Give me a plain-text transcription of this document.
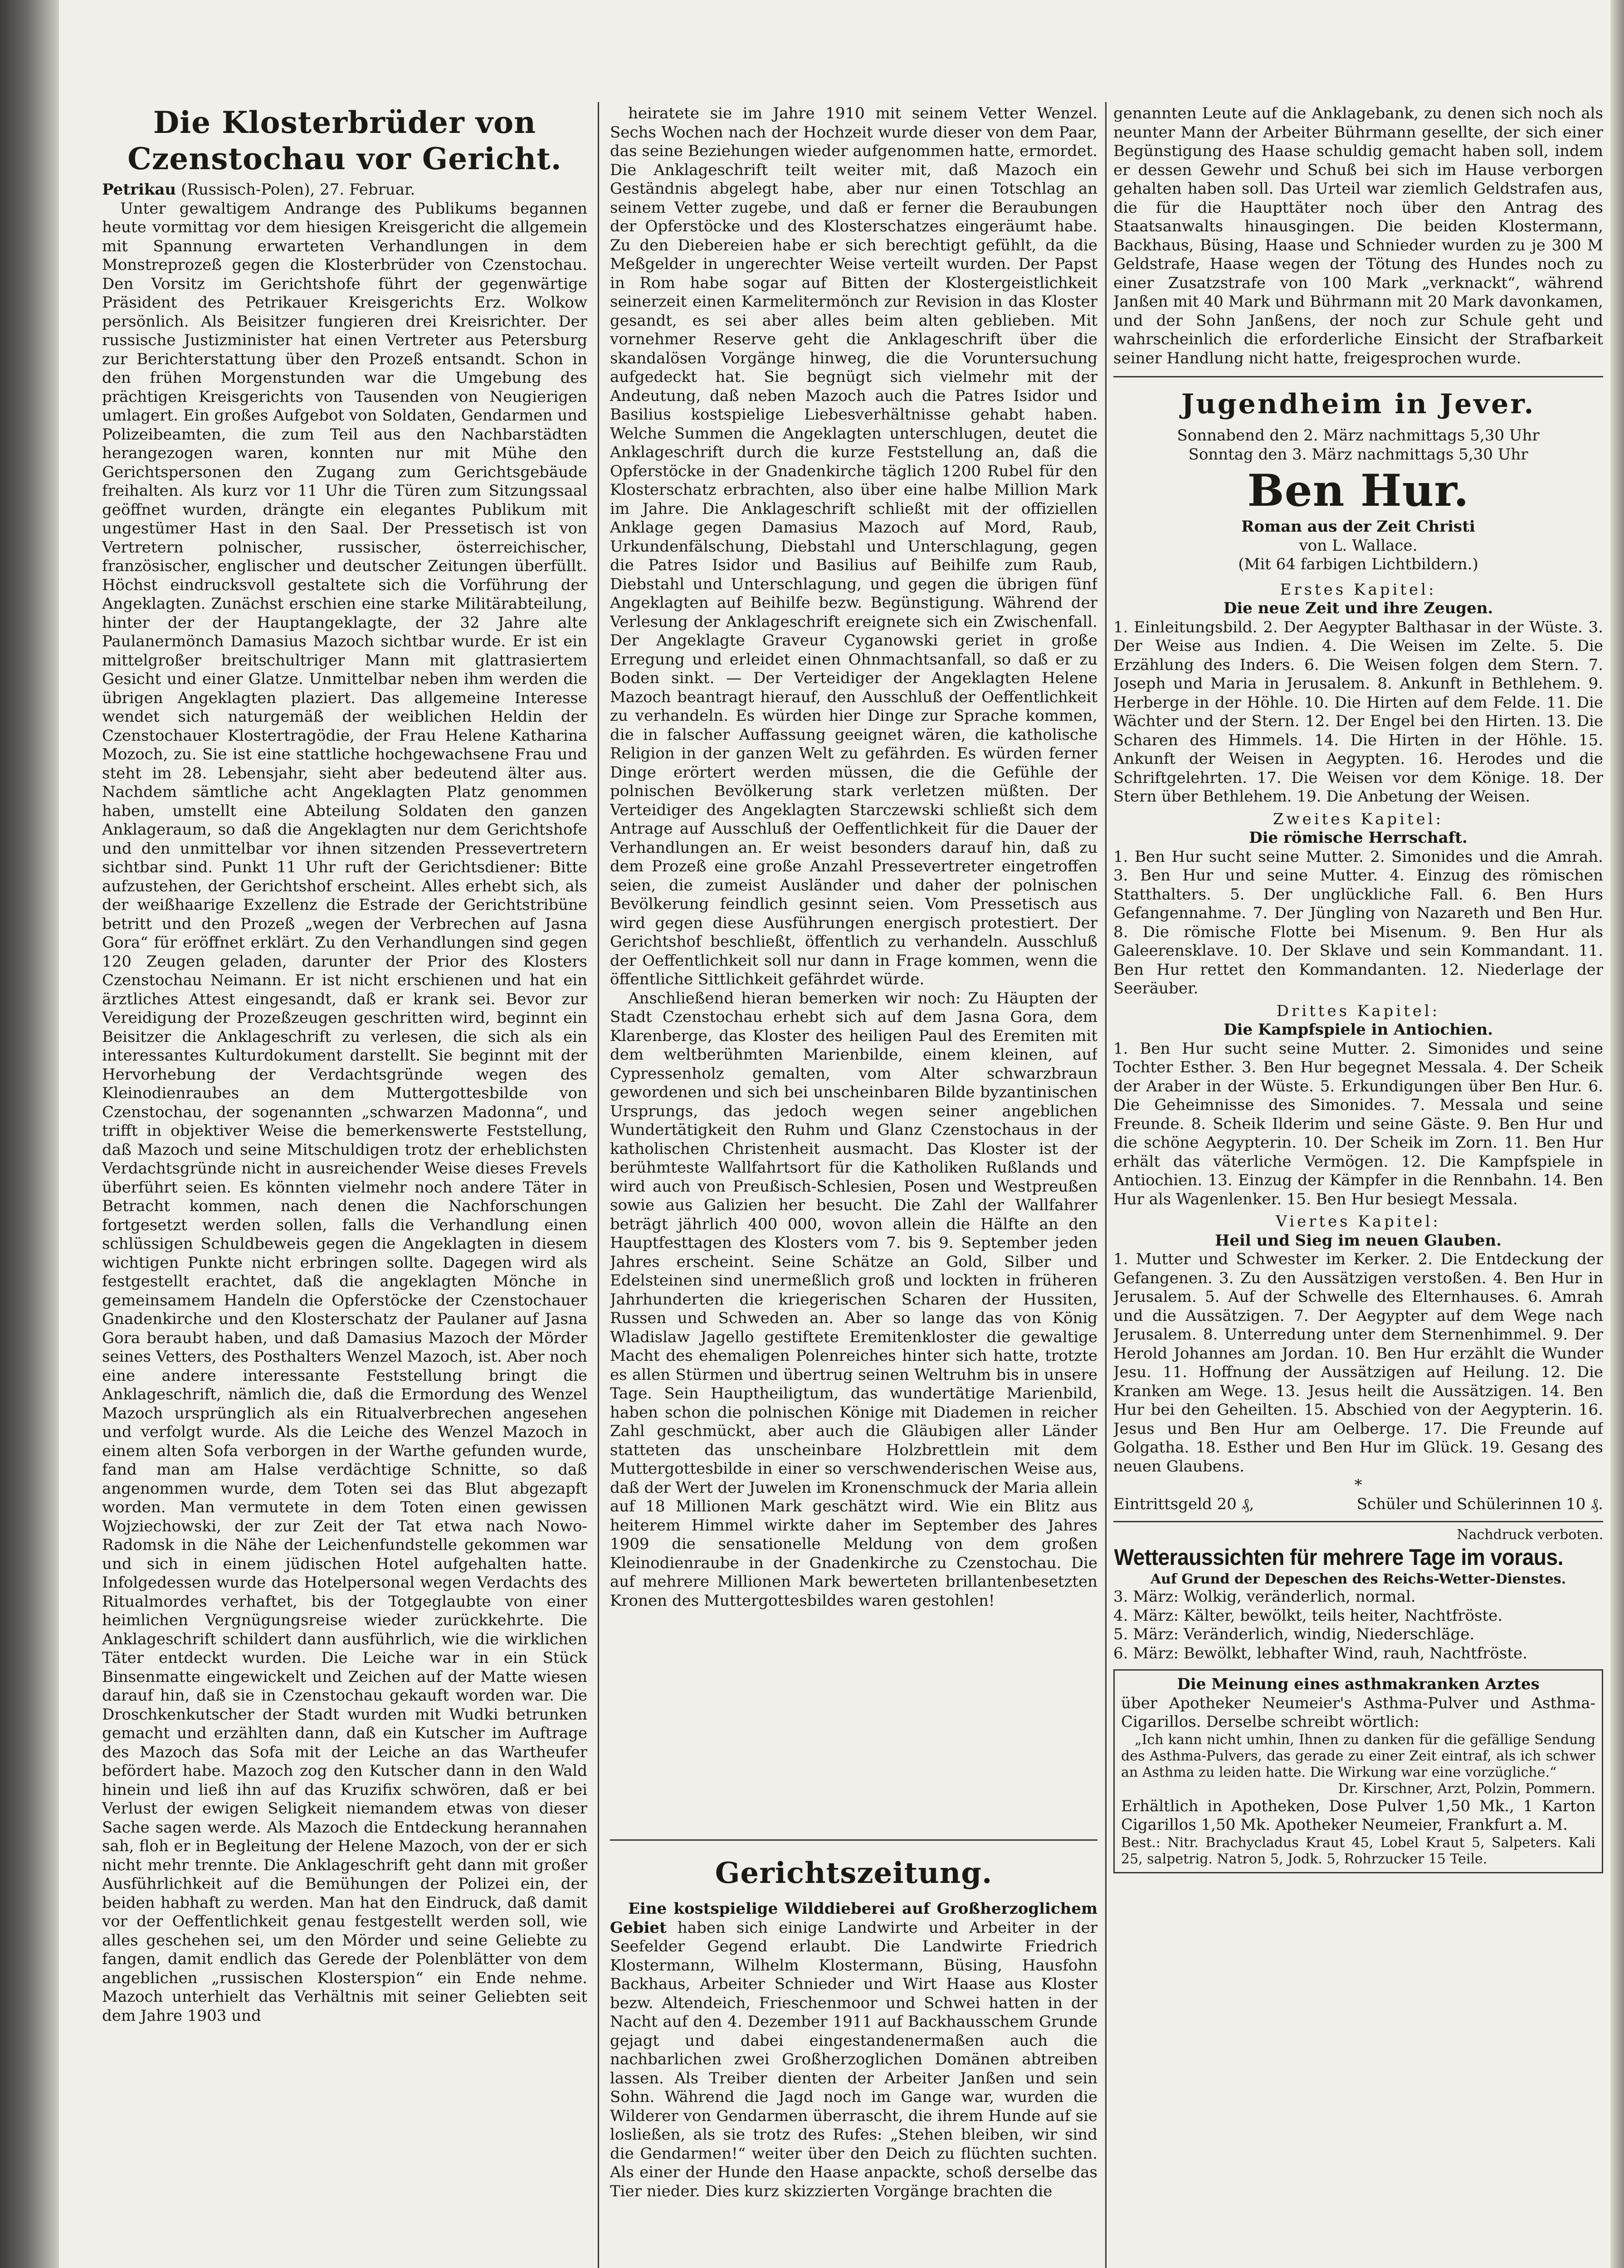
Die Klosterbrüder von Czenstochau vor Gericht.

Petrikau (Russisch-Polen), 27. Februar.

Unter gewaltigem Andrange des Publikums begannen heute vormittag vor dem hiesigen Kreisgericht die allgemein mit Spannung erwarteten Verhandlungen in dem Monstreprozeß gegen die Klosterbrüder von Czenstochau. Den Vorsitz im Gerichtshofe führt der gegenwärtige Präsident des Petrikauer Kreisgerichts Erz. Wolkow persönlich. Als Beisitzer fungieren drei Kreisrichter. Der russische Justizminister hat einen Vertreter aus Petersburg zur Berichterstattung über den Prozeß entsandt. Schon in den frühen Morgenstunden war die Umgebung des prächtigen Kreisgerichts von Tausenden von Neugierigen umlagert. Ein großes Aufgebot von Soldaten, Gendarmen und Polizeibeamten, die zum Teil aus den Nachbarstädten herangezogen waren, konnten nur mit Mühe den Gerichtspersonen den Zugang zum Gerichtsgebäude freihalten. Als kurz vor 11 Uhr die Türen zum Sitzungssaal geöffnet wurden, drängte ein elegantes Publikum mit ungestümer Hast in den Saal. Der Pressetisch ist von Vertretern polnischer, russischer, österreichischer, französischer, englischer und deutscher Zeitungen überfüllt. Höchst eindrucksvoll gestaltete sich die Vorführung der Angeklagten. Zunächst erschien eine starke Militärabteilung, hinter der der Hauptangeklagte, der 32 Jahre alte Paulanermönch Damasius Mazoch sichtbar wurde. Er ist ein mittelgroßer breitschultriger Mann mit glattrasiertem Gesicht und einer Glatze. Unmittelbar neben ihm werden die übrigen Angeklagten plaziert. Das allgemeine Interesse wendet sich naturgemäß der weiblichen Heldin der Czenstochauer Klostertragödie, der Frau Helene Katharina Mozoch, zu. Sie ist eine stattliche hochgewachsene Frau und steht im 28. Lebensjahr, sieht aber bedeutend älter aus. Nachdem sämtliche acht Angeklagten Platz genommen haben, umstellt eine Abteilung Soldaten den ganzen Anklageraum, so daß die Angeklagten nur dem Gerichtshofe und den unmittelbar vor ihnen sitzenden Pressevertretern sichtbar sind. Punkt 11 Uhr ruft der Gerichtsdiener: Bitte aufzustehen, der Gerichtshof erscheint. Alles erhebt sich, als der weißhaarige Exzellenz die Estrade der Gerichtstribüne betritt und den Prozeß „wegen der Verbrechen auf Jasna Gora“ für eröffnet erklärt. Zu den Verhandlungen sind gegen 120 Zeugen geladen, darunter der Prior des Klosters Czenstochau Neimann. Er ist nicht erschienen und hat ein ärztliches Attest eingesandt, daß er krank sei. Bevor zur Vereidigung der Prozeßzeugen geschritten wird, beginnt ein Beisitzer die Anklageschrift zu verlesen, die sich als ein interessantes Kulturdokument darstellt. Sie beginnt mit der Hervorhebung der Verdachtsgründe wegen des Kleinodienraubes an dem Muttergottesbilde von Czenstochau, der sogenannten „schwarzen Madonna“, und trifft in objektiver Weise die bemerkenswerte Feststellung, daß Mazoch und seine Mitschuldigen trotz der erheblichsten Verdachtsgründe nicht in ausreichender Weise dieses Frevels überführt seien. Es könnten vielmehr noch andere Täter in Betracht kommen, nach denen die Nachforschungen fortgesetzt werden sollen, falls die Verhandlung einen schlüssigen Schuldbeweis gegen die Angeklagten in diesem wichtigen Punkte nicht erbringen sollte. Dagegen wird als festgestellt erachtet, daß die angeklagten Mönche in gemeinsamem Handeln die Opferstöcke der Czenstochauer Gnadenkirche und den Klosterschatz der Paulaner auf Jasna Gora beraubt haben, und daß Damasius Mazoch der Mörder seines Vetters, des Posthalters Wenzel Mazoch, ist. Aber noch eine andere interessante Feststellung bringt die Anklageschrift, nämlich die, daß die Ermordung des Wenzel Mazoch ursprünglich als ein Ritualverbrechen angesehen und verfolgt wurde. Als die Leiche des Wenzel Mazoch in einem alten Sofa verborgen in der Warthe gefunden wurde, fand man am Halse verdächtige Schnitte, so daß angenommen wurde, dem Toten sei das Blut abgezapft worden. Man vermutete in dem Toten einen gewissen Wojziechowski, der zur Zeit der Tat etwa nach Nowo-Radomsk in die Nähe der Leichenfundstelle gekommen war und sich in einem jüdischen Hotel aufgehalten hatte. Infolgedessen wurde das Hotelpersonal wegen Verdachts des Ritualmordes verhaftet, bis der Totgeglaubte von einer heimlichen Vergnügungsreise wieder zurückkehrte. Die Anklageschrift schildert dann ausführlich, wie die wirklichen Täter entdeckt wurden. Die Leiche war in ein Stück Binsenmatte eingewickelt und Zeichen auf der Matte wiesen darauf hin, daß sie in Czenstochau gekauft worden war. Die Droschkenkutscher der Stadt wurden mit Wudki betrunken gemacht und erzählten dann, daß ein Kutscher im Auftrage des Mazoch das Sofa mit der Leiche an das Wartheufer befördert habe. Mazoch zog den Kutscher dann in den Wald hinein und ließ ihn auf das Kruzifix schwören, daß er bei Verlust der ewigen Seligkeit niemandem etwas von dieser Sache sagen werde. Als Mazoch die Entdeckung herannahen sah, floh er in Begleitung der Helene Mazoch, von der er sich nicht mehr trennte. Die Anklageschrift geht dann mit großer Ausführlichkeit auf die Bemühungen der Polizei ein, der beiden habhaft zu werden. Man hat den Eindruck, daß damit vor der Oeffentlichkeit genau festgestellt werden soll, wie alles geschehen sei, um den Mörder und seine Geliebte zu fangen, damit endlich das Gerede der Polenblätter von dem angeblichen „russischen Klosterspion“ ein Ende nehme. Mazoch unterhielt das Verhältnis mit seiner Geliebten seit dem Jahre 1903 und

heiratete sie im Jahre 1910 mit seinem Vetter Wenzel. Sechs Wochen nach der Hochzeit wurde dieser von dem Paar, das seine Beziehungen wieder aufgenommen hatte, ermordet. Die Anklageschrift teilt weiter mit, daß Mazoch ein Geständnis abgelegt habe, aber nur einen Totschlag an seinem Vetter zugebe, und daß er ferner die Beraubungen der Opferstöcke und des Klosterschatzes eingeräumt habe. Zu den Diebereien habe er sich berechtigt gefühlt, da die Meßgelder in ungerechter Weise verteilt wurden. Der Papst in Rom habe sogar auf Bitten der Klostergeistlichkeit seinerzeit einen Karmelitermönch zur Revision in das Kloster gesandt, es sei aber alles beim alten geblieben. Mit vornehmer Reserve geht die Anklageschrift über die skandalösen Vorgänge hinweg, die die Voruntersuchung aufgedeckt hat. Sie begnügt sich vielmehr mit der Andeutung, daß neben Mazoch auch die Patres Isidor und Basilius kostspielige Liebesverhältnisse gehabt haben. Welche Summen die Angeklagten unterschlugen, deutet die Anklageschrift durch die kurze Feststellung an, daß die Opferstöcke in der Gnadenkirche täglich 1200 Rubel für den Klosterschatz erbrachten, also über eine halbe Million Mark im Jahre. Die Anklageschrift schließt mit der offiziellen Anklage gegen Damasius Mazoch auf Mord, Raub, Urkundenfälschung, Diebstahl und Unterschlagung, gegen die Patres Isidor und Basilius auf Beihilfe zum Raub, Diebstahl und Unterschlagung, und gegen die übrigen fünf Angeklagten auf Beihilfe bezw. Begünstigung. Während der Verlesung der Anklageschrift ereignete sich ein Zwischenfall. Der Angeklagte Graveur Cyganowski geriet in große Erregung und erleidet einen Ohnmachtsanfall, so daß er zu Boden sinkt. — Der Verteidiger der Angeklagten Helene Mazoch beantragt hierauf, den Ausschluß der Oeffentlichkeit zu verhandeln. Es würden hier Dinge zur Sprache kommen, die in falscher Auffassung geeignet wären, die katholische Religion in der ganzen Welt zu gefährden. Es würden ferner Dinge erörtert werden müssen, die die Gefühle der polnischen Bevölkerung stark verletzen müßten. Der Verteidiger des Angeklagten Starczewski schließt sich dem Antrage auf Ausschluß der Oeffentlichkeit für die Dauer der Verhandlungen an. Er weist besonders darauf hin, daß zu dem Prozeß eine große Anzahl Pressevertreter eingetroffen seien, die zumeist Ausländer und daher der polnischen Bevölkerung feindlich gesinnt seien. Vom Pressetisch aus wird gegen diese Ausführungen energisch protestiert. Der Gerichtshof beschließt, öffentlich zu verhandeln. Ausschluß der Oeffentlichkeit soll nur dann in Frage kommen, wenn die öffentliche Sittlichkeit gefährdet würde.

Anschließend hieran bemerken wir noch: Zu Häupten der Stadt Czenstochau erhebt sich auf dem Jasna Gora, dem Klarenberge, das Kloster des heiligen Paul des Eremiten mit dem weltberühmten Marienbilde, einem kleinen, auf Cypressenholz gemalten, vom Alter schwarzbraun gewordenen und sich bei unscheinbaren Bilde byzantinischen Ursprungs, das jedoch wegen seiner angeblichen Wundertätigkeit den Ruhm und Glanz Czenstochaus in der katholischen Christenheit ausmacht. Das Kloster ist der berühmteste Wallfahrtsort für die Katholiken Rußlands und wird auch von Preußisch-Schlesien, Posen und Westpreußen sowie aus Galizien her besucht. Die Zahl der Wallfahrer beträgt jährlich 400 000, wovon allein die Hälfte an den Hauptfesttagen des Klosters vom 7. bis 9. September jeden Jahres erscheint. Seine Schätze an Gold, Silber und Edelsteinen sind unermeßlich groß und lockten in früheren Jahrhunderten die kriegerischen Scharen der Hussiten, Russen und Schweden an. Aber so lange das von König Wladislaw Jagello gestiftete Eremitenkloster die gewaltige Macht des ehemaligen Polenreiches hinter sich hatte, trotzte es allen Stürmen und übertrug seinen Weltruhm bis in unsere Tage. Sein Hauptheiligtum, das wundertätige Marienbild, haben schon die polnischen Könige mit Diademen in reicher Zahl geschmückt, aber auch die Gläubigen aller Länder statteten das unscheinbare Holzbrettlein mit dem Muttergottesbilde in einer so verschwenderischen Weise aus, daß der Wert der Juwelen im Kronenschmuck der Maria allein auf 18 Millionen Mark geschätzt wird. Wie ein Blitz aus heiterem Himmel wirkte daher im September des Jahres 1909 die sensationelle Meldung von dem großen Kleinodienraube in der Gnadenkirche zu Czenstochau. Die auf mehrere Millionen Mark bewerteten brillantenbesetzten Kronen des Muttergottesbildes waren gestohlen!

Gerichtszeitung.

Eine kostspielige Wilddieberei auf Großherzoglichem Gebiet haben sich einige Landwirte und Arbeiter in der Seefelder Gegend erlaubt. Die Landwirte Friedrich Klostermann, Wilhelm Klostermann, Büsing, Hausfohn Backhaus, Arbeiter Schnieder und Wirt Haase aus Kloster bezw. Altendeich, Frieschenmoor und Schwei hatten in der Nacht auf den 4. Dezember 1911 auf Backhausschem Grunde gejagt und dabei eingestandenermaßen auch die nachbarlichen zwei Großherzoglichen Domänen abtreiben lassen. Als Treiber dienten der Arbeiter Janßen und sein Sohn. Während die Jagd noch im Gange war, wurden die Wilderer von Gendarmen überrascht, die ihrem Hunde auf sie losließen, als sie trotz des Rufes: „Stehen bleiben, wir sind die Gendarmen!“ weiter über den Deich zu flüchten suchten. Als einer der Hunde den Haase anpackte, schoß derselbe das Tier nieder. Dies kurz skizzierten Vorgänge brachten die

genannten Leute auf die Anklagebank, zu denen sich noch als neunter Mann der Arbeiter Bührmann gesellte, der sich einer Begünstigung des Haase schuldig gemacht haben soll, indem er dessen Gewehr und Schuß bei sich im Hause verborgen gehalten haben soll. Das Urteil war ziemlich Geldstrafen aus, die für die Haupttäter noch über den Antrag des Staatsanwalts hinausgingen. Die beiden Klostermann, Backhaus, Büsing, Haase und Schnieder wurden zu je 300 M Geldstrafe, Haase wegen der Tötung des Hundes noch zu einer Zusatzstrafe von 100 Mark „verknackt“, während Janßen mit 40 Mark und Bührmann mit 20 Mark davonkamen, und der Sohn Janßens, der noch zur Schule geht und wahrscheinlich die erforderliche Einsicht der Strafbarkeit seiner Handlung nicht hatte, freigesprochen wurde.

Jugendheim in Jever.

Sonnabend den 2. März nachmittags 5,30 Uhr

Sonntag den 3. März nachmittags 5,30 Uhr

Ben Hur.

Roman aus der Zeit Christi

von L. Wallace.

(Mit 64 farbigen Lichtbildern.)

Erstes Kapitel:

Die neue Zeit und ihre Zeugen.

1. Einleitungsbild. 2. Der Aegypter Balthasar in der Wüste. 3. Der Weise aus Indien. 4. Die Weisen im Zelte. 5. Die Erzählung des Inders. 6. Die Weisen folgen dem Stern. 7. Joseph und Maria in Jerusalem. 8. Ankunft in Bethlehem. 9. Herberge in der Höhle. 10. Die Hirten auf dem Felde. 11. Die Wächter und der Stern. 12. Der Engel bei den Hirten. 13. Die Scharen des Himmels. 14. Die Hirten in der Höhle. 15. Ankunft der Weisen in Aegypten. 16. Herodes und die Schriftgelehrten. 17. Die Weisen vor dem Könige. 18. Der Stern über Bethlehem. 19. Die Anbetung der Weisen.

Zweites Kapitel:

Die römische Herrschaft.

1. Ben Hur sucht seine Mutter. 2. Simonides und die Amrah. 3. Ben Hur und seine Mutter. 4. Einzug des römischen Statthalters. 5. Der unglückliche Fall. 6. Ben Hurs Gefangennahme. 7. Der Jüngling von Nazareth und Ben Hur. 8. Die römische Flotte bei Misenum. 9. Ben Hur als Galeerensklave. 10. Der Sklave und sein Kommandant. 11. Ben Hur rettet den Kommandanten. 12. Niederlage der Seeräuber.

Drittes Kapitel:

Die Kampfspiele in Antiochien.

1. Ben Hur sucht seine Mutter. 2. Simonides und seine Tochter Esther. 3. Ben Hur begegnet Messala. 4. Der Scheik der Araber in der Wüste. 5. Erkundigungen über Ben Hur. 6. Die Geheimnisse des Simonides. 7. Messala und seine Freunde. 8. Scheik Ilderim und seine Gäste. 9. Ben Hur und die schöne Aegypterin. 10. Der Scheik im Zorn. 11. Ben Hur erhält das väterliche Vermögen. 12. Die Kampfspiele in Antiochien. 13. Einzug der Kämpfer in die Rennbahn. 14. Ben Hur als Wagenlenker. 15. Ben Hur besiegt Messala.

Viertes Kapitel:

Heil und Sieg im neuen Glauben.

1. Mutter und Schwester im Kerker. 2. Die Entdeckung der Gefangenen. 3. Zu den Aussätzigen verstoßen. 4. Ben Hur in Jerusalem. 5. Auf der Schwelle des Elternhauses. 6. Amrah und die Aussätzigen. 7. Der Aegypter auf dem Wege nach Jerusalem. 8. Unterredung unter dem Sternenhimmel. 9. Der Herold Johannes am Jordan. 10. Ben Hur erzählt die Wunder Jesu. 11. Hoffnung der Aussätzigen auf Heilung. 12. Die Kranken am Wege. 13. Jesus heilt die Aussätzigen. 14. Ben Hur bei den Geheilten. 15. Abschied von der Aegypterin. 16. Jesus und Ben Hur am Oelberge. 17. Die Freunde auf Golgatha. 18. Esther und Ben Hur im Glück. 19. Gesang des neuen Glaubens.

*

Eintrittsgeld 20 ₰,	Schüler und Schülerinnen 10 ₰.

Nachdruck verboten.

Wetteraussichten für mehrere Tage im voraus.

Auf Grund der Depeschen des Reichs-Wetter-Dienstes.

3. März: Wolkig, veränderlich, normal.

4. März: Kälter, bewölkt, teils heiter, Nachtfröste.

5. März: Veränderlich, windig, Niederschläge.

6. März: Bewölkt, lebhafter Wind, rauh, Nachtfröste.

Die Meinung eines asthmakranken Arztes

über Apotheker Neumeier's Asthma-Pulver und Asthma-Cigarillos. Derselbe schreibt wörtlich:

„Ich kann nicht umhin, Ihnen zu danken für die gefällige Sendung des Asthma-Pulvers, das gerade zu einer Zeit eintraf, als ich schwer an Asthma zu leiden hatte. Die Wirkung war eine vorzügliche.“

Dr. Kirschner, Arzt, Polzin, Pommern.

Erhältlich in Apotheken, Dose Pulver 1,50 Mk., 1 Karton Cigarillos 1,50 Mk. Apotheker Neumeier, Frankfurt a. M.

Best.: Nitr. Brachycladus Kraut 45, Lobel Kraut 5, Salpeters. Kali 25, salpetrig. Natron 5, Jodk. 5, Rohrzucker 15 Teile.
